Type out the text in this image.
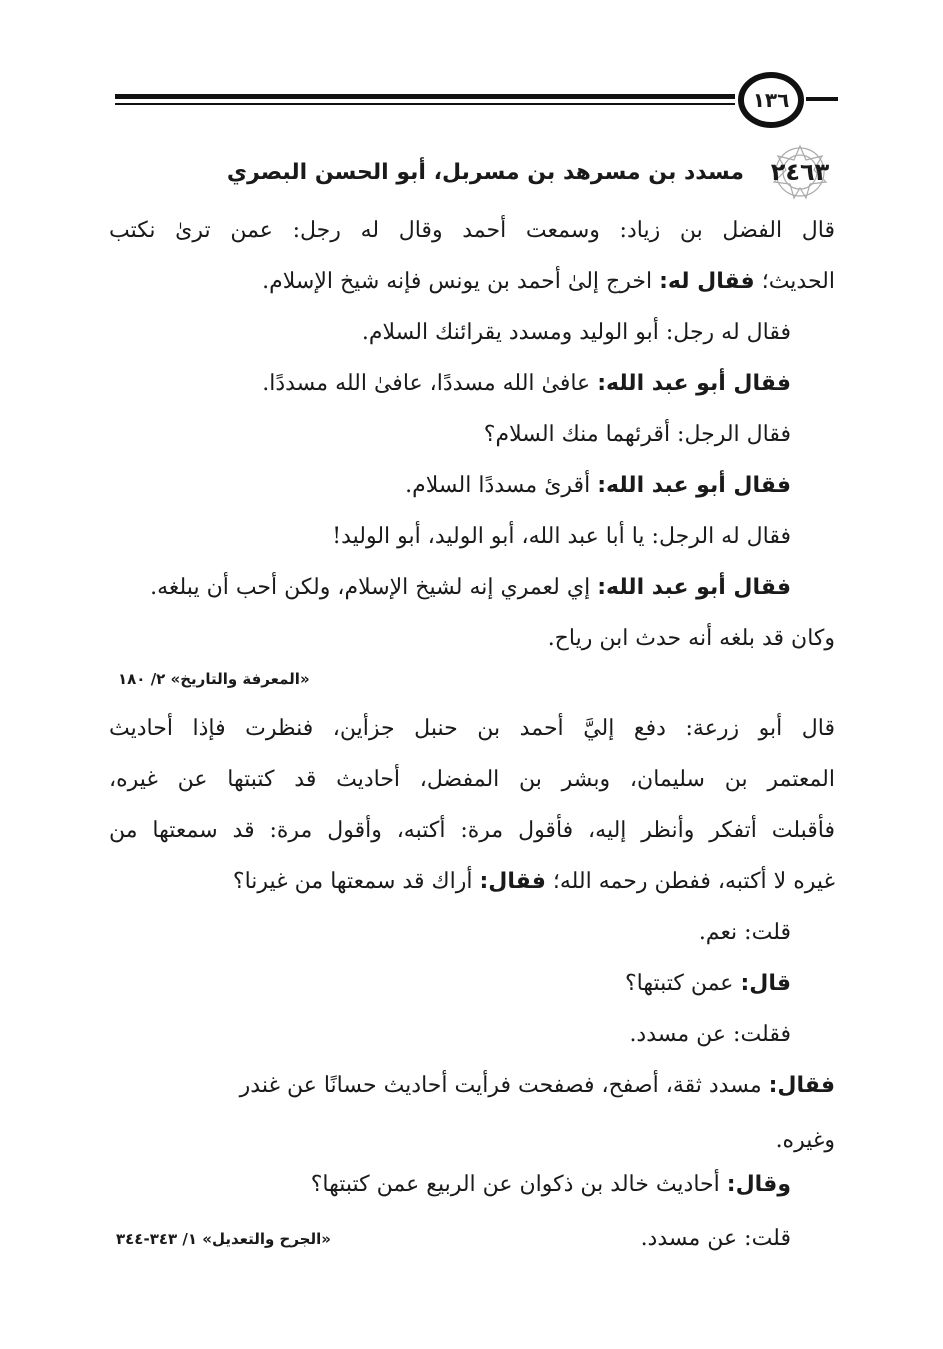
١٣٦
٢٤٦٣
مسدد بن مسرهد بن مسربل، أبو الحسن البصري
قال الفضل بن زياد: وسمعت أحمد وقال له رجل: عمن ترىٰ نكتب
الحديث؛ فقال له: اخرج إلىٰ أحمد بن يونس فإنه شيخ الإسلام.
فقال له رجل: أبو الوليد ومسدد يقرائنك السلام.
فقال أبو عبد الله: عافىٰ الله مسددًا، عافىٰ الله مسددًا.
فقال الرجل: أقرئهما منك السلام؟
فقال أبو عبد الله: أقرئ مسددًا السلام.
فقال له الرجل: يا أبا عبد الله، أبو الوليد، أبو الوليد!
فقال أبو عبد الله: إي لعمري إنه لشيخ الإسلام، ولكن أحب أن يبلغه.
وكان قد بلغه أنه حدث ابن رياح.
«المعرفة والتاريخ» ٢/ ١٨٠
قال أبو زرعة: دفع إليَّ أحمد بن حنبل جزأين، فنظرت فإذا أحاديث
المعتمر بن سليمان، وبشر بن المفضل، أحاديث قد كتبتها عن غيره،
فأقبلت أتفكر وأنظر إليه، فأقول مرة: أكتبه، وأقول مرة: قد سمعتها من
غيره لا أكتبه، ففطن رحمه الله؛ فقال: أراك قد سمعتها من غيرنا؟
قلت: نعم.
قال: عمن كتبتها؟
فقلت: عن مسدد.
فقال: مسدد ثقة، أصفح، فصفحت فرأيت أحاديث حسانًا عن غندر
وغيره.
وقال: أحاديث خالد بن ذكوان عن الربيع عمن كتبتها؟
قلت: عن مسدد.
«الجرح والتعديل» ١/ ٣٤٣-٣٤٤
